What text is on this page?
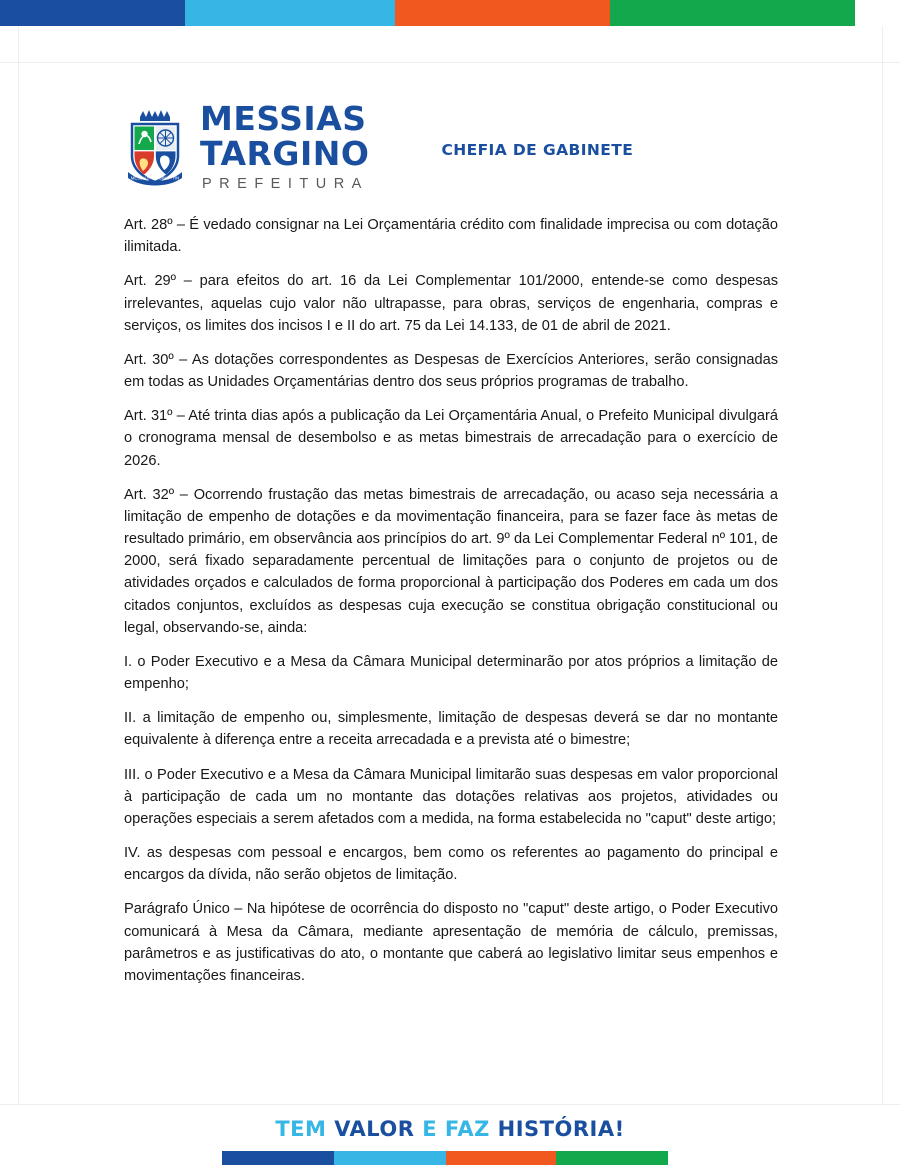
MESSIAS TARGINO - RN
MESSIAS
TARGINO
PREFEITURA
CHEFIA DE GABINETE

Art. 28º – É vedado consignar na Lei Orçamentária crédito com finalidade imprecisa ou com dotação ilimitada.

Art. 29º – para efeitos do art. 16 da Lei Complementar 101/2000, entende-se como despesas irrelevantes, aquelas cujo valor não ultrapasse, para obras, serviços de engenharia, compras e serviços, os limites dos incisos I e II do art. 75 da Lei 14.133, de 01 de abril de 2021.

Art. 30º – As dotações correspondentes as Despesas de Exercícios Anteriores, serão consignadas em todas as Unidades Orçamentárias dentro dos seus próprios programas de trabalho.

Art. 31º – Até trinta dias após a publicação da Lei Orçamentária Anual, o Prefeito Municipal divulgará o cronograma mensal de desembolso e as metas bimestrais de arrecadação para o exercício de 2026.

Art. 32º – Ocorrendo frustação das metas bimestrais de arrecadação, ou acaso seja necessária a limitação de empenho de dotações e da movimentação financeira, para se fazer face às metas de resultado primário, em observância aos princípios do art. 9º da Lei Complementar Federal nº 101, de 2000, será fixado separadamente percentual de limitações para o conjunto de projetos ou de atividades orçados e calculados de forma proporcional à participação dos Poderes em cada um dos citados conjuntos, excluídos as despesas cuja execução se constitua obrigação constitucional ou legal, observando-se, ainda:

I. o Poder Executivo e a Mesa da Câmara Municipal determinarão por atos próprios a limitação de empenho;

II. a limitação de empenho ou, simplesmente, limitação de despesas deverá se dar no montante equivalente à diferença entre a receita arrecadada e a prevista até o bimestre;

III. o Poder Executivo e a Mesa da Câmara Municipal limitarão suas despesas em valor proporcional à participação de cada um no montante das dotações relativas aos projetos, atividades ou operações especiais a serem afetados com a medida, na forma estabelecida no "caput" deste artigo;

IV. as despesas com pessoal e encargos, bem como os referentes ao pagamento do principal e encargos da dívida, não serão objetos de limitação.

Parágrafo Único – Na hipótese de ocorrência do disposto no "caput" deste artigo, o Poder Executivo comunicará à Mesa da Câmara, mediante apresentação de memória de cálculo, premissas, parâmetros e as justificativas do ato, o montante que caberá ao legislativo limitar seus empenhos e movimentações financeiras.

TEM VALOR E FAZ HISTÓRIA!
